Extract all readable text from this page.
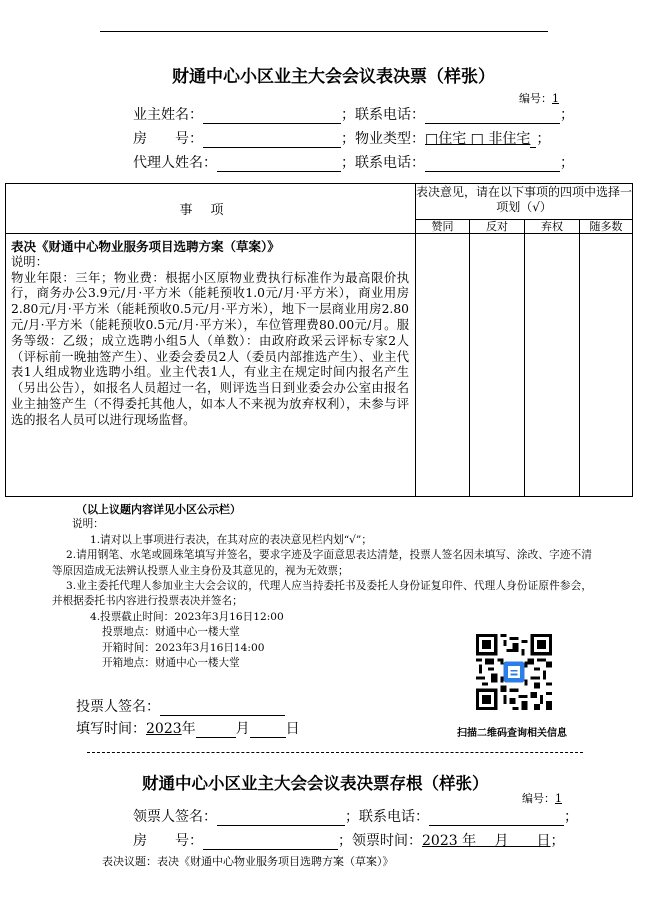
财通中心小区业主大会会议表决票（样张）
编号：1
业主姓名：	；联系电话：	；
房　　号：	；物业类型：□住宅 □ 非住宅 ；
代理人姓名：	；联系电话：	；
事项	表决意见，请在以下事项的四项中选择一项划（√）			
	赞同	反对	弃权	随多数

表决《财通中心物业服务项目选聘方案（草案）》
说明：
物业年限：三年；物业费：根据小区原物业费执行标准作为最高限价执行，商务办公3.9元/月·平方米（能耗预收1.0元/月·平方米），商业用房2.80元/月·平方米（能耗预收0.5元/月·平方米），地下一层商业用房2.80元/月·平方米（能耗预收0.5元/月·平方米），车位管理费80.00元/月。服务等级：乙级；成立选聘小组5人（单数）：由政府政采云评标专家2人（评标前一晚抽签产生）、业委会委员2人（委员内部推选产生）、业主代表1人组成物业选聘小组。业主代表1人，有业主在规定时间内报名产生（另出公告），如报名人员超过一名，则评选当日到业委会办公室由报名业主抽签产生（不得委托其他人，如本人不来视为放弃权利），未参与评选的报名人员可以进行现场监督。				

（以上议题内容详见小区公示栏）
说明：
1.请对以上事项进行表决，在其对应的表决意见栏内划“√”；
2.请用钢笔、水笔或圆珠笔填写并签名，要求字迹及字面意思表达清楚，投票人签名因未填写、涂改、字迹不清等原因造成无法辨认投票人业主身份及其意见的，视为无效票；
3.业主委托代理人参加业主大会会议的，代理人应当持委托书及委托人身份证复印件、代理人身份证原件参会，并根据委托书内容进行投票表决并签名；
4.投票截止时间：2023年3月16日12:00
投票地点：财通中心一楼大堂
开箱时间：2023年3月16日14:00
开箱地点：财通中心一楼大堂
投票人签名：
填写时间：2023年	月	日	扫描二维码查询相关信息
财通中心小区业主大会会议表决票存根（样张）
编号：1
领票人签名：	；联系电话：	；
房　　号：	；领票时间：2023 年　 月　　日；
表决议题：表决《财通中心物业服务项目选聘方案（草案）》
